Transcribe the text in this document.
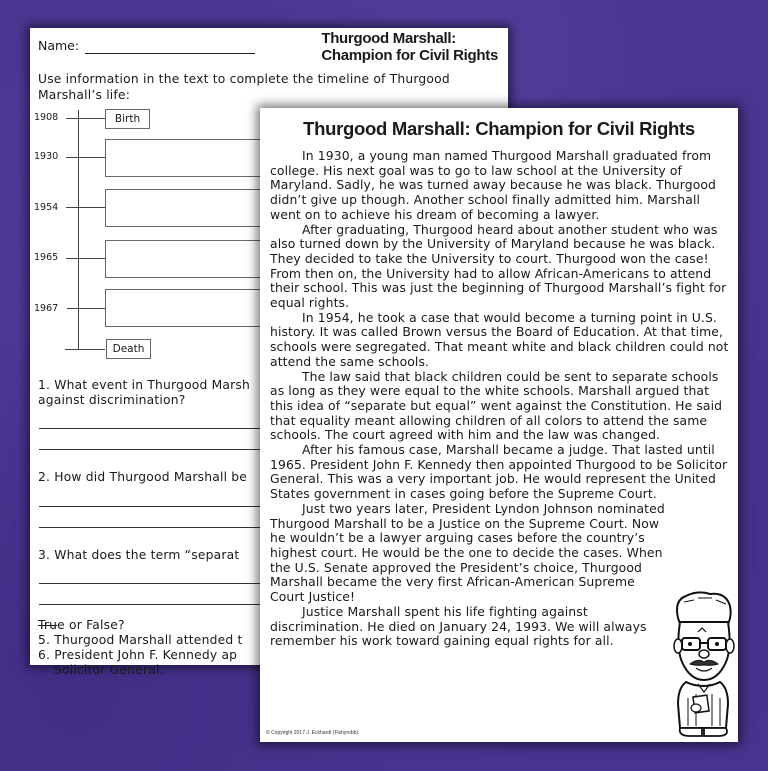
Name:	Thurgood Marshall:
Champion for Civil Rights
Use information in the text to complete the timeline of Thurgood Marshall’s life:
1908	Birth
1930
1954
1965
1967
Death
1. What event in Thurgood Marsh
against discrimination?
2. How did Thurgood Marshall be
3. What does the term “separat
True or False?
5. Thurgood Marshall attended t
6. President John F. Kennedy ap
Solicitor General.
Thurgood Marshall: Champion for Civil Rights

In 1930, a young man named Thurgood Marshall graduated from college. His next goal was to go to law school at the University of Maryland. Sadly, he was turned away because he was black. Thurgood didn’t give up though. Another school finally admitted him. Marshall went on to achieve his dream of becoming a lawyer.

After graduating, Thurgood heard about another student who was also turned down by the University of Maryland because he was black. They decided to take the University to court. Thurgood won the case! From then on, the University had to allow African-Americans to attend their school. This was just the beginning of Thurgood Marshall’s fight for equal rights.

In 1954, he took a case that would become a turning point in U.S. history. It was called Brown versus the Board of Education. At that time, schools were segregated. That meant white and black children could not attend the same schools.

The law said that black children could be sent to separate schools as long as they were equal to the white schools. Marshall argued that this idea of “separate but equal” went against the Constitution. He said that equality meant allowing children of all colors to attend the same schools. The court agreed with him and the law was changed.

After his famous case, Marshall became a judge. That lasted until 1965. President John F. Kennedy then appointed Thurgood to be Solicitor General. This was a very important job. He would represent the United States government in cases going before the Supreme Court.

Just two years later, President Lyndon Johnson nominated Thurgood Marshall to be a Justice on the Supreme Court. Now he wouldn’t be a lawyer arguing cases before the country’s highest court. He would be the one to decide the cases. When the U.S. Senate approved the President’s choice, Thurgood Marshall became the very first African-American Supreme Court Justice!

Justice Marshall spent his life fighting against discrimination. He died on January 24, 1993. We will always remember his work toward gaining equal rights for all.

© Copyright 2017 J. Eckhardt (Fishyrobb).
